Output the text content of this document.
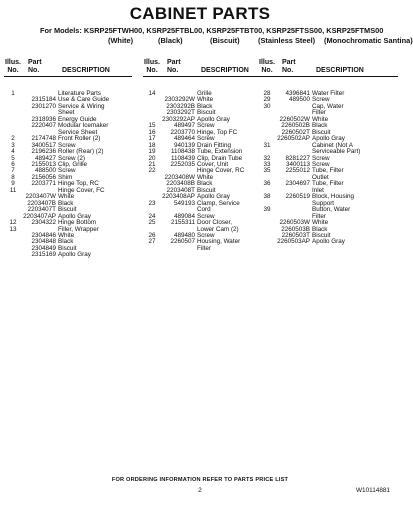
CABINET PARTS
For Models: KSRP25FTWH00, KSRP25FTBL00, KSRP25FTBT00, KSRP25FTSS00, KSRP25FTMS00
(White)	(Black)	(Biscuit) (Stainless Steel) (Monochromatic Santina)
Illus.
No.
Part
No.	DESCRIPTION
1	Literature Parts
2315184 Use & Care Guide
2301270 Service & Wiring
Sheet
2318936 Energy Guide
2220407 Modular Icemaker
Service Sheet
2	2174748 Front Roller (2)
3	3400517 Screw
4	2196236 Roller (Rear) (2)
5	489427 Screw (2)
6	2155013 Clip, Grille
7	488500 Screw
8	2156056 Shim
9	2203771 Hinge Top, RC
11	Hinge Cover, FC
2203407W White
2203407B Black
2203407T Biscuit
2203407AP Apollo Gray
12	2304322 Hinge Bottom
13	Filler, Wrapper
2304846 White
2304848 Black
2304849 Biscuit
2315169 Apollo Gray
Illus.
No.
Part
No.	DESCRIPTION
14	Grille
2303292W White
2303292B Black
2303292T Biscuit
2303292AP Apollo Gray
15	489497 Screw
16	2203770 Hinge, Top FC
17	489464 Screw
18	940139 Drain Fitting
19	1108438 Tube, Extension
20	1108439 Clip, Drain Tube
21	2252035 Cover, Unit
22	Hinge Cover, RC
2203408W White
2203408B Black
2203408T Biscuit
2203408AP Apollo Gray
23	549193 Clamp, Service
Cord
24	489084 Screw
25	2155311 Door Closer,
Lower Cam (2)
26	489480 Screw
27	2260507 Housing, Water
Filter
Illus.
No.
Part
No.	DESCRIPTION
28	4396841 Water Filter
29	489500 Screw
30	Cap, Water
Filter
2260502W White
2260502B Black
2260502T Biscuit
2260502AP Apollo Gray
31	Cabinet (Not A
Serviceable Part)
32	8281227 Screw
33	3400113 Screw
35	2255012 Tube, Filter
Outlet
36	2304697 Tube, Filter
Inlet
38	2260519 Block, Housing
Support
39	Button, Water
Filter
2260503W White
2260503B Black
2260503T Biscuit
2260503AP Apollo Gray
FOR ORDERING INFORMATION REFER TO PARTS PRICE LIST
2	W10114881
